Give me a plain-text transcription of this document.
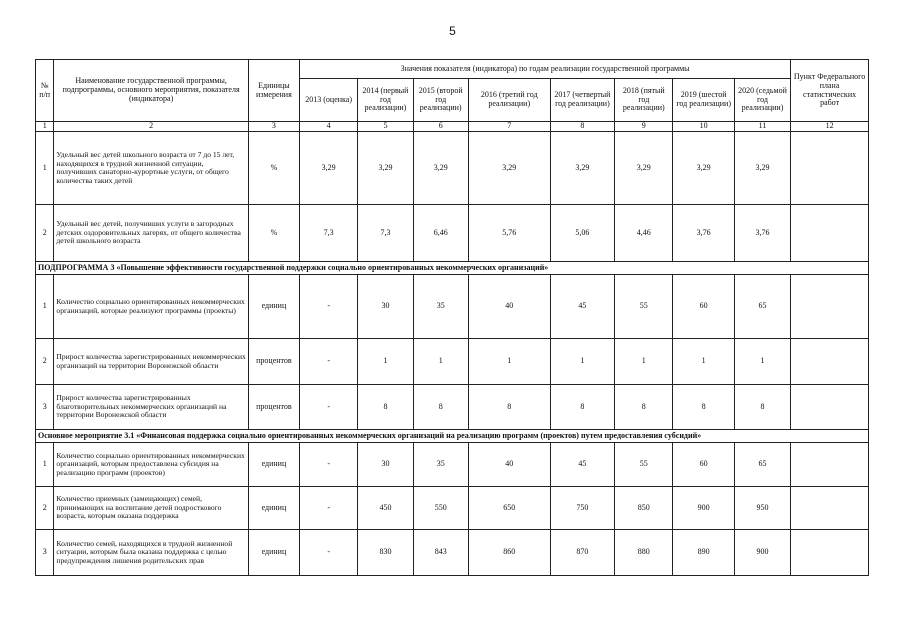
5
№ п/п	Наименование государственной программы, подпрограммы, основного мероприятия, показателя (индикатора)	Единицы измерения	Значения показателя (индикатора) по годам реализации государственной программы								Пункт Федерального плана статистических работ
			2013 (оценка)	2014 (первый год реализации)	2015 (второй год реализации)	2016 (третий год реализации)	2017 (четвертый год реализации)	2018 (пятый год реализации)	2019 (шестой год реализации)	2020 (седьмой год реализации)	
1	2	3	4	5	6	7	8	9	10	11	12
1	Удельный вес детей школьного возраста от 7 до 15 лет, находящихся в трудной жизненной ситуации, получивших санаторно-курортные услуги, от общего количества таких детей	%	3,29	3,29	3,29	3,29	3,29	3,29	3,29	3,29	
2	Удельный вес детей, получивших услуги в загородных детских оздоровительных лагерях, от общего количества детей школьного возраста	%	7,3	7,3	6,46	5,76	5,06	4,46	3,76	3,76	
ПОДПРОГРАММА 3 «Повышение эффективности государственной поддержки социально ориентированных некоммерческих организаций»											
1	Количество социально ориентированных некоммерческих организаций, которые реализуют программы (проекты)	единиц	-	30	35	40	45	55	60	65	
2	Прирост количества зарегистрированных некоммерческих организаций на территории Воронежской области	процентов	-	1	1	1	1	1	1	1	
3	Прирост количества зарегистрированных благотворительных некоммерческих организаций на территории Воронежской области	процентов	-	8	8	8	8	8	8	8	
Основное мероприятие 3.1 «Финансовая поддержка социально ориентированных некоммерческих организаций на реализацию программ (проектов) путем предоставления субсидий»											
1	Количество социально ориентированных некоммерческих организаций, которым предоставлена субсидия на реализацию программ (проектов)	единиц	-	30	35	40	45	55	60	65	
2	Количество приемных (замещающих) семей, принимающих на воспитание детей подросткового возраста, которым оказана поддержка	единиц	-	450	550	650	750	850	900	950	
3	Количество семей, находящихся в трудной жизненной ситуации, которым была оказана поддержка с целью предупреждения лишения родительских прав	единиц	-	830	843	860	870	880	890	900	
